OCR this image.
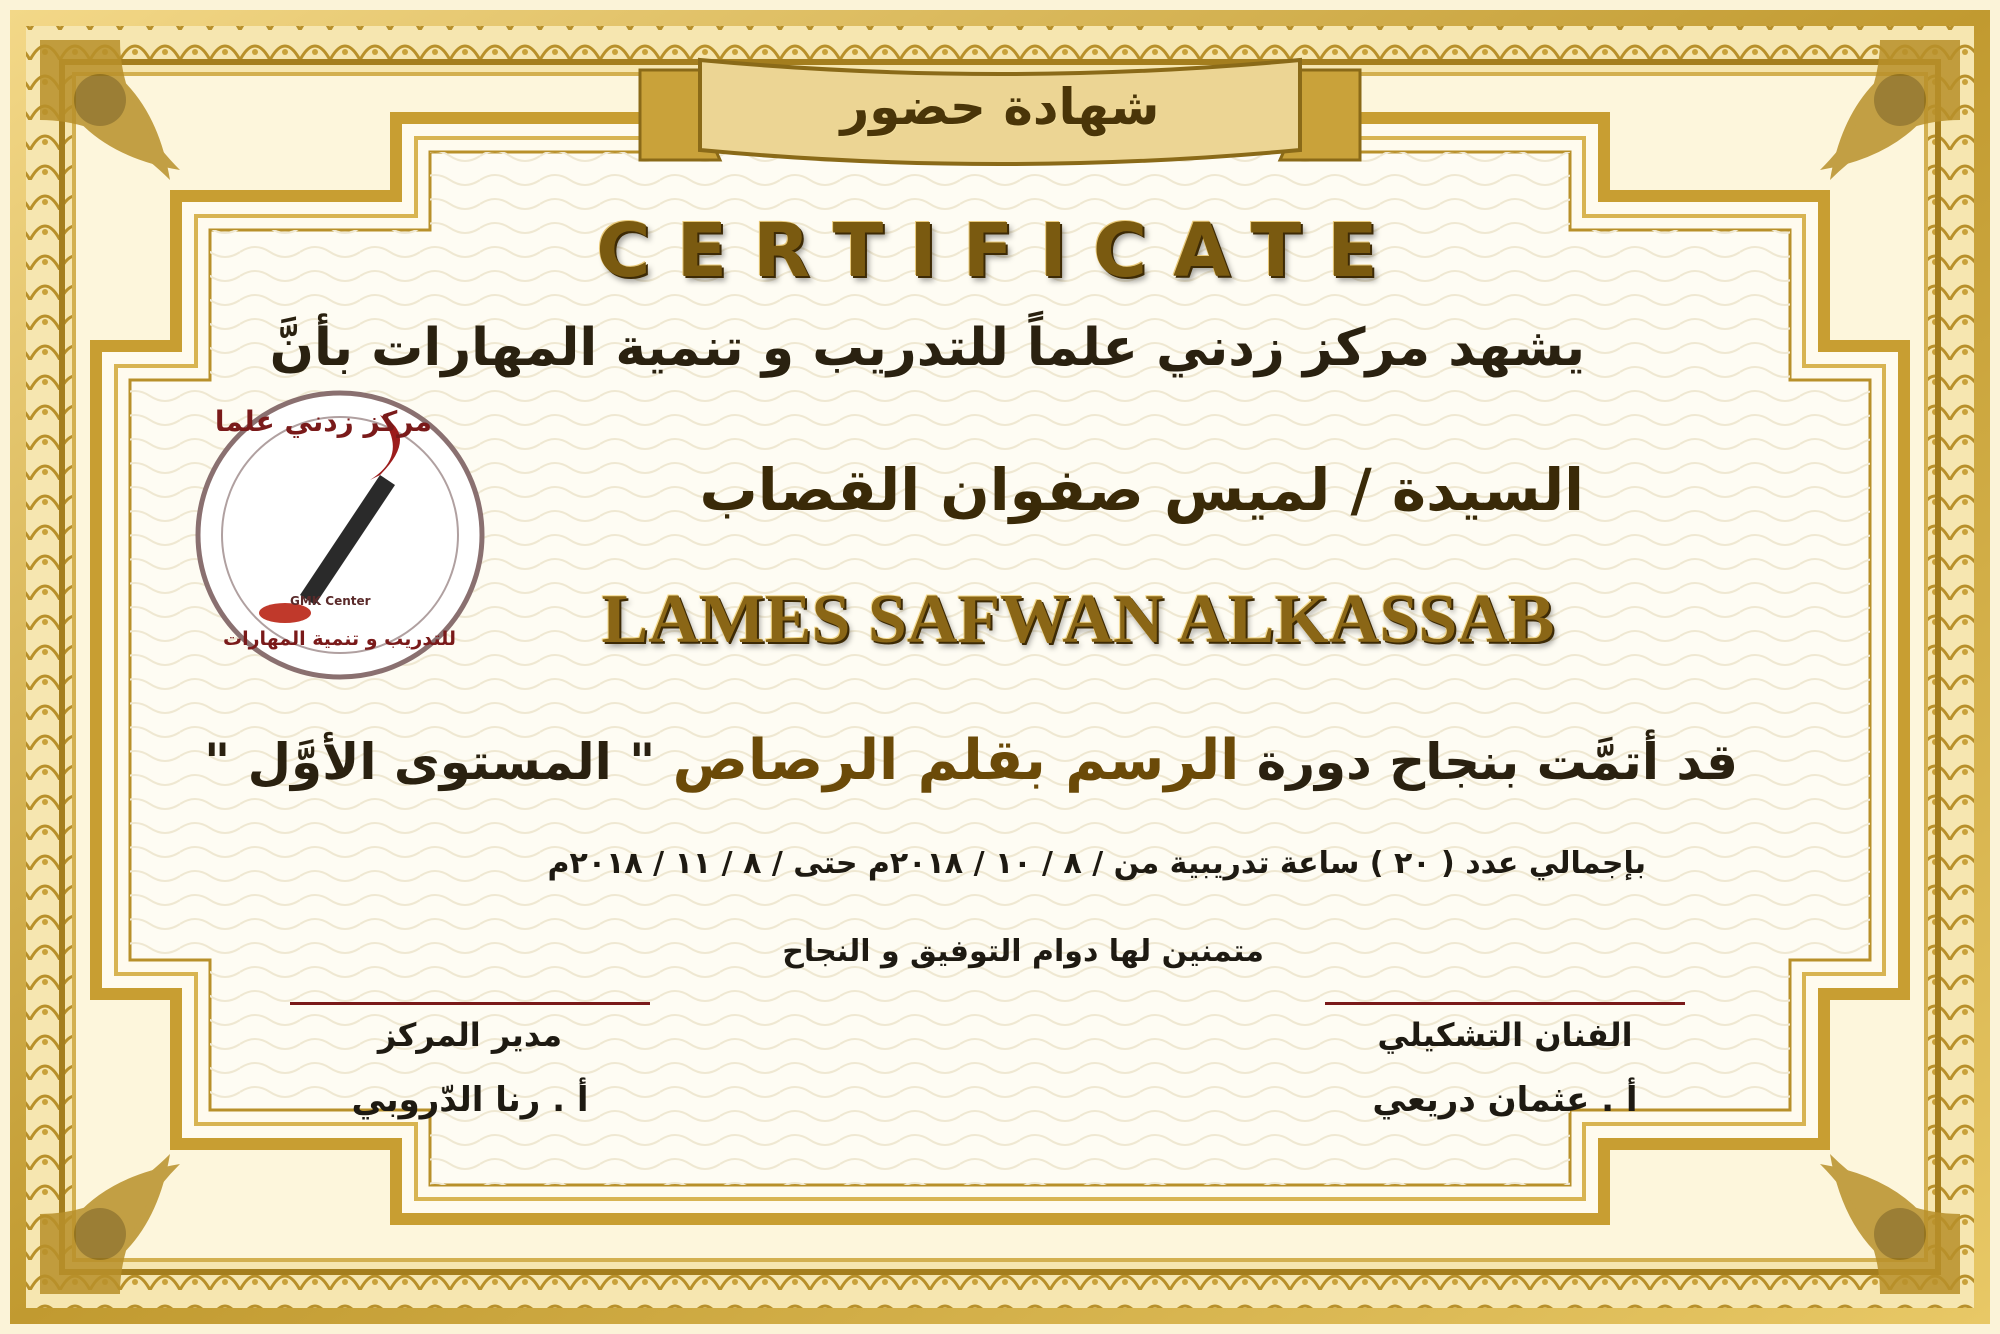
شهادة حضور
مركز زدني علما
للتدريب و تنمية المهارات
GMK Center
CERTIFICATE
يشهد مركز زدني علماً للتدريب و تنمية المهارات بأنَّ
السيدة / لميس صفوان القصاب
LAMES SAFWAN ALKASSAB
قد أتمَّت بنجاح دورة الرسم بقلم الرصاص " المستوى الأوَّل "
بإجمالي عدد ( ٢٠ ) ساعة تدريبية من / ٨ / ١٠ / ٢٠١٨م حتى / ٨ / ١١ / ٢٠١٨م
متمنين لها دوام التوفيق و النجاح
مدير المركز
أ . رنا الدّروبي
الفنان التشكيلي
أ . عثمان دريعي
